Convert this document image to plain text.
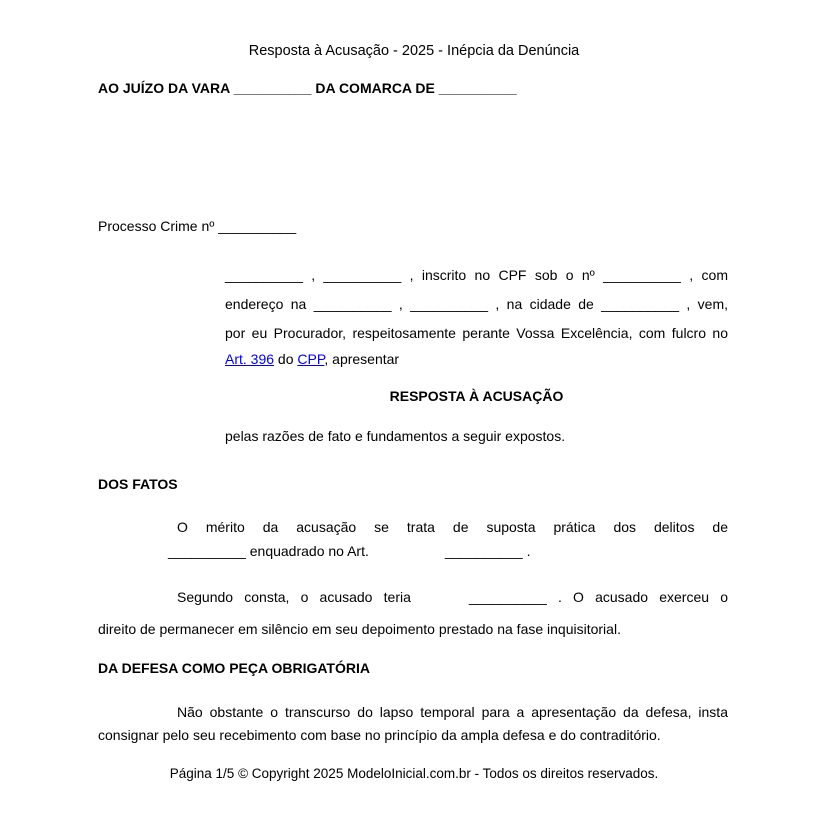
Resposta à Acusação - 2025 - Inépcia da Denúncia
AO JUÍZO DA VARA __________ DA COMARCA DE __________
Processo Crime nº __________
__________ , __________ , inscrito no CPF sob o nº __________ , com
endereço na __________ , __________ , na cidade de __________ , vem,
por eu Procurador, respeitosamente perante Vossa Excelência, com fulcro no
Art. 396 do CPP, apresentar
RESPOSTA À ACUSAÇÃO
pelas razões de fato e fundamentos a seguir expostos.
DOS FATOS
O mérito da acusação se trata de suposta prática dos delitos de
__________ enquadrado no Art.	__________ .
Segundo consta, o acusado teria	__________ . O acusado exerceu o
direito de permanecer em silêncio em seu depoimento prestado na fase inquisitorial.
DA DEFESA COMO PEÇA OBRIGATÓRIA
Não obstante o transcurso do lapso temporal para a apresentação da defesa, insta
consignar pelo seu recebimento com base no princípio da ampla defesa e do contraditório.
Página 1/5 © Copyright 2025 ModeloInicial.com.br - Todos os direitos reservados.
